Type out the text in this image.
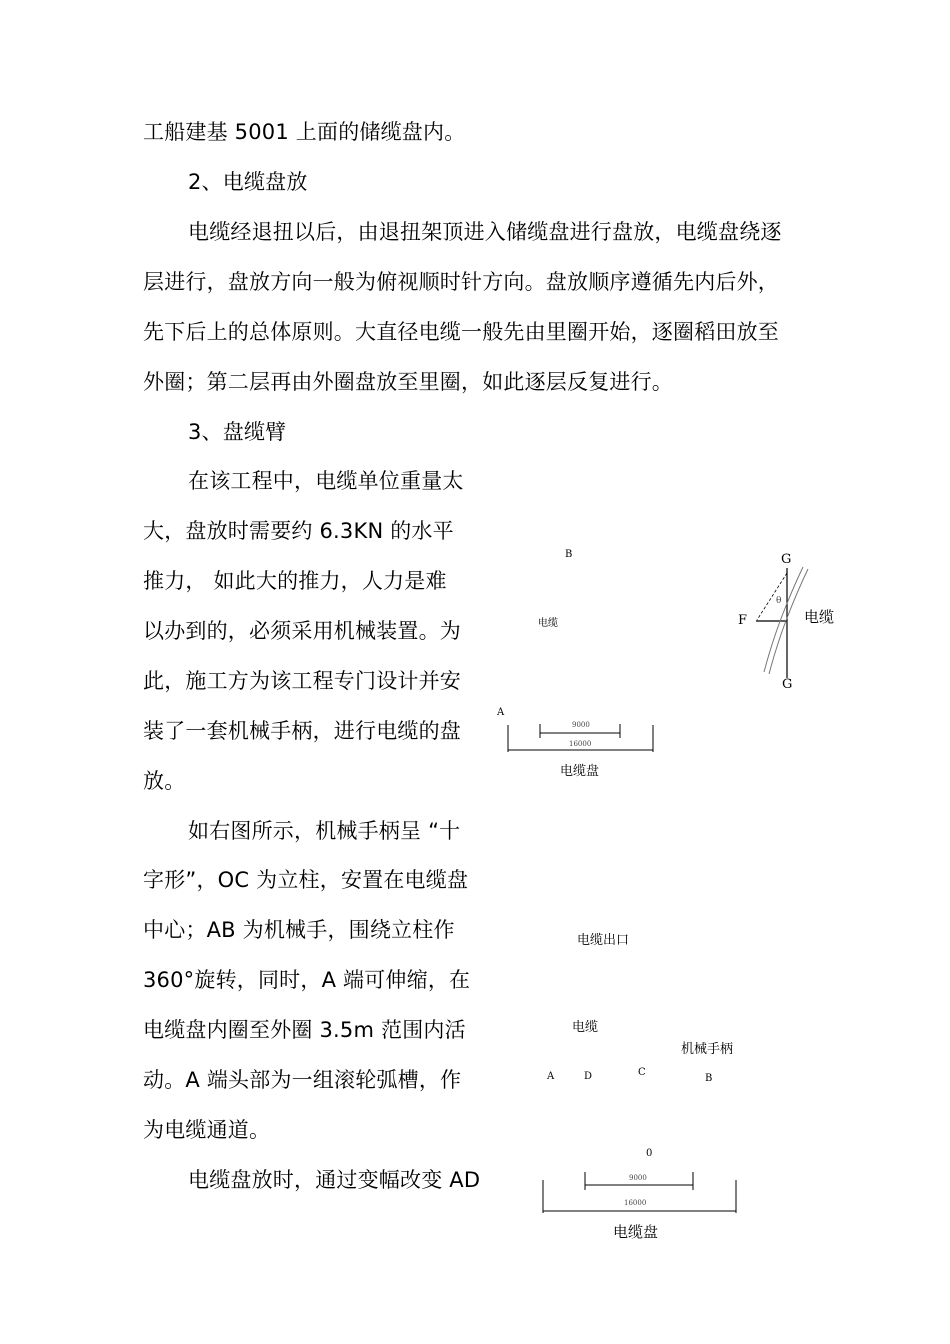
工船建基 5001 上面的储缆盘内。
2、电缆盘放
电缆经退扭以后，由退扭架顶进入储缆盘进行盘放，电缆盘绕逐
层进行，盘放方向一般为俯视顺时针方向。盘放顺序遵循先内后外，
先下后上的总体原则。大直径电缆一般先由里圈开始，逐圈稻田放至
外圈；第二层再由外圈盘放至里圈，如此逐层反复进行。
3、盘缆臂
在该工程中，电缆单位重量太
大，盘放时需要约 6.3KN 的水平
推力， 如此大的推力，人力是难
以办到的，必须采用机械装置。为
此，施工方为该工程专门设计并安
装了一套机械手柄，进行电缆的盘
放。
如右图所示，机械手柄呈 “十
字形”，OC 为立柱，安置在电缆盘
中心；AB 为机械手，围绕立柱作
360°旋转，同时，A 端可伸缩，在
电缆盘内圈至外圈 3.5m 范围内活
动。A 端头部为一组滚轮弧槽，作
为电缆通道。
电缆盘放时，通过变幅改变 AD
B
电缆
A
9000
16000
电缆盘
G
θ
F	电缆
G
电缆出口
电缆
机械手柄
A	D	C
B
0
9000
16000
电缆盘
